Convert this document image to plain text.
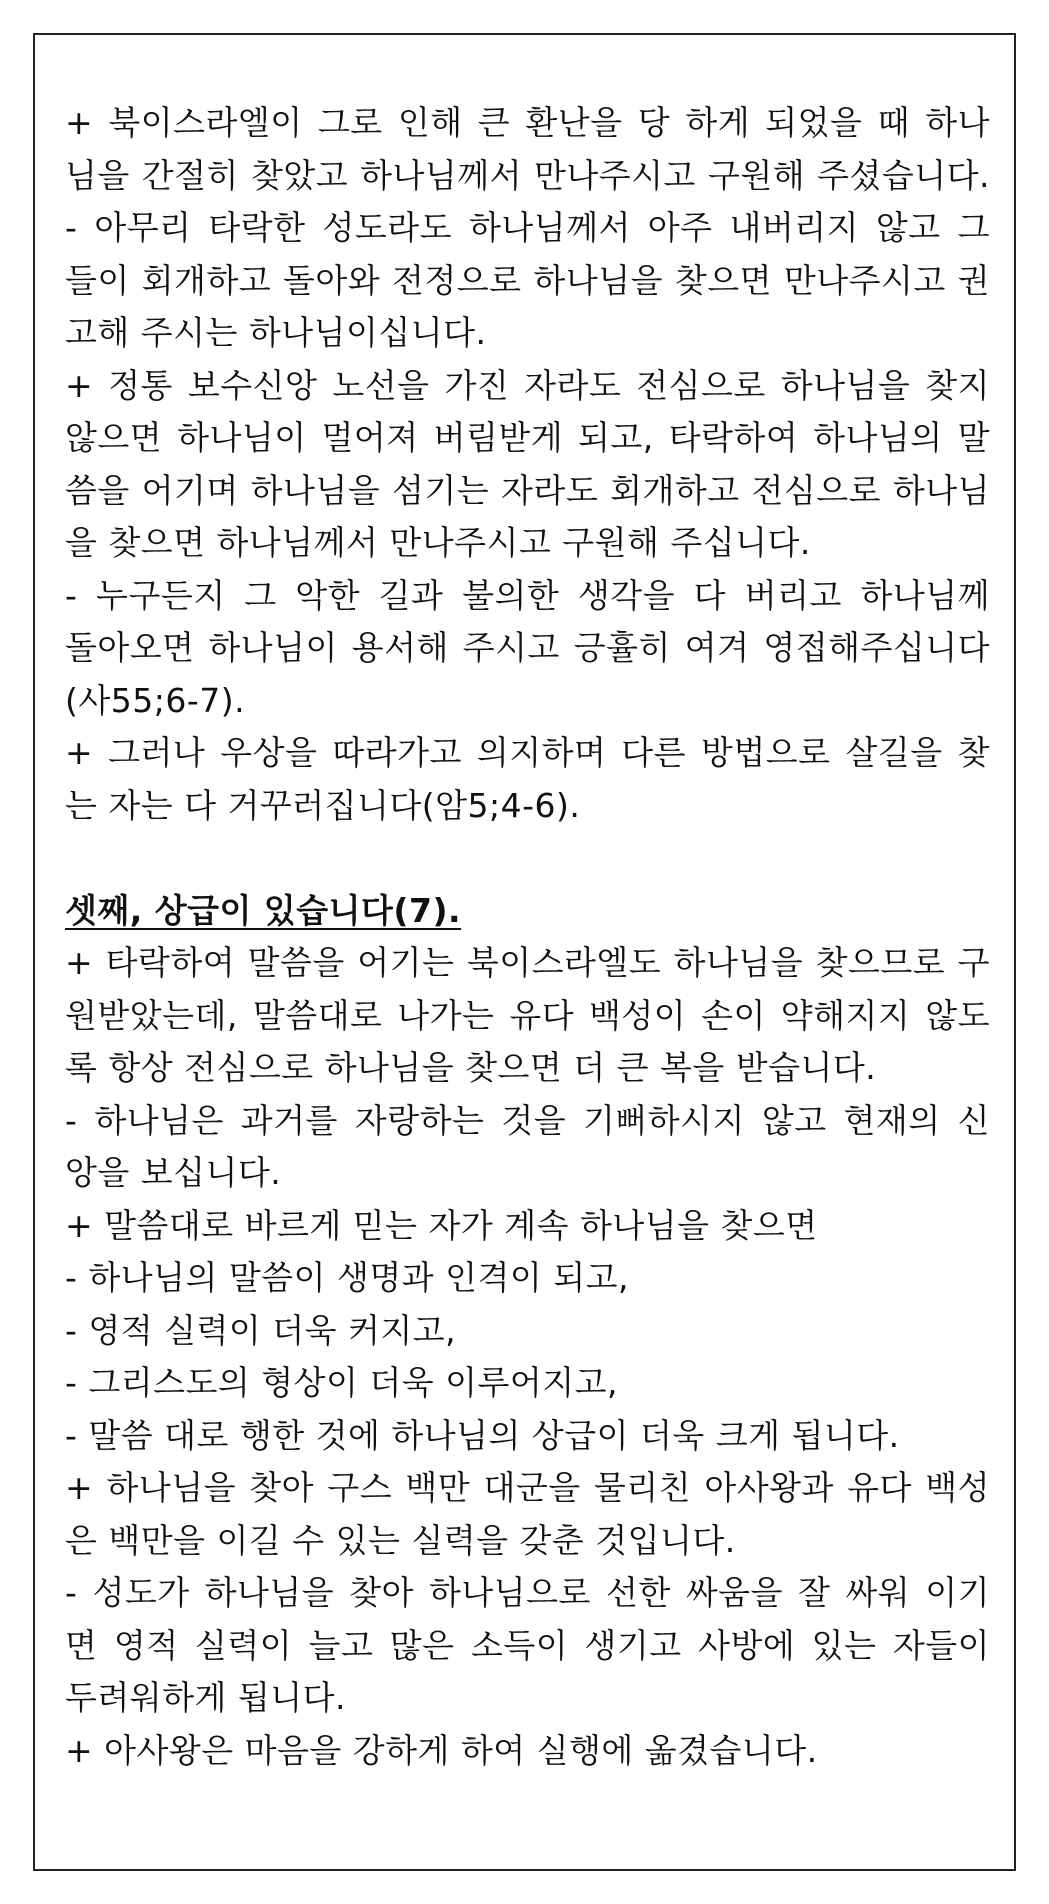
+ 북이스라엘이 그로 인해 큰 환난을 당 하게 되었을 때 하나
님을 간절히 찾았고 하나님께서 만나주시고 구원해 주셨습니다.
- 아무리 타락한 성도라도 하나님께서 아주 내버리지 않고 그
들이 회개하고 돌아와 전정으로 하나님을 찾으면 만나주시고 권
고해 주시는 하나님이십니다.
+ 정통 보수신앙 노선을 가진 자라도 전심으로 하나님을 찾지
않으면 하나님이 멀어져 버림받게 되고, 타락하여 하나님의 말
씀을 어기며 하나님을 섬기는 자라도 회개하고 전심으로 하나님
을 찾으면 하나님께서 만나주시고 구원해 주십니다.
- 누구든지 그 악한 길과 불의한 생각을 다 버리고 하나님께
돌아오면 하나님이 용서해 주시고 긍휼히 여겨 영접해주십니다
(사55;6-7).
+ 그러나 우상을 따라가고 의지하며 다른 방법으로 살길을 찾
는 자는 다 거꾸러집니다(암5;4-6).
셋째, 상급이 있습니다(7).
+ 타락하여 말씀을 어기는 북이스라엘도 하나님을 찾으므로 구
원받았는데, 말씀대로 나가는 유다 백성이 손이 약해지지 않도
록 항상 전심으로 하나님을 찾으면 더 큰 복을 받습니다.
- 하나님은 과거를 자랑하는 것을 기뻐하시지 않고 현재의 신
앙을 보십니다.
+ 말씀대로 바르게 믿는 자가 계속 하나님을 찾으면
- 하나님의 말씀이 생명과 인격이 되고,
- 영적 실력이 더욱 커지고,
- 그리스도의 형상이 더욱 이루어지고,
- 말씀 대로 행한 것에 하나님의 상급이 더욱 크게 됩니다.
+ 하나님을 찾아 구스 백만 대군을 물리친 아사왕과 유다 백성
은 백만을 이길 수 있는 실력을 갖춘 것입니다.
- 성도가 하나님을 찾아 하나님으로 선한 싸움을 잘 싸워 이기
면 영적 실력이 늘고 많은 소득이 생기고 사방에 있는 자들이
두려워하게 됩니다.
+ 아사왕은 마음을 강하게 하여 실행에 옮겼습니다.
